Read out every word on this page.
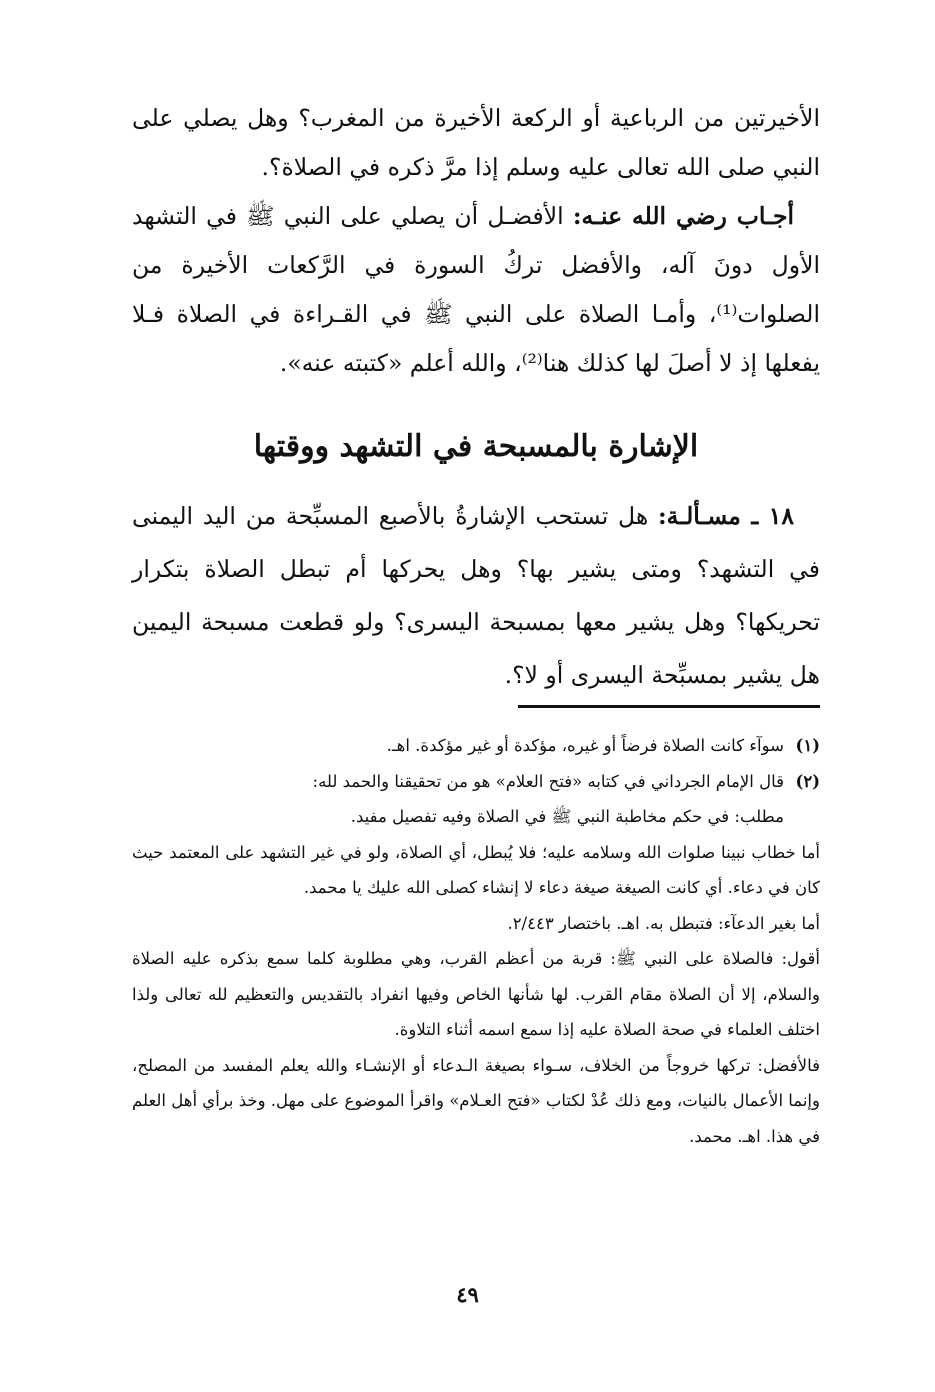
الأخيرتين من الرباعية أو الركعة الأخيرة من المغرب؟ وهل يصلي على النبي صلى الله تعالى عليه وسلم إذا مرَّ ذكره في الصلاة؟.

أجـاب رضي الله عنـه: الأفضـل أن يصلي على النبي ﷺ في التشهد الأول دونَ آله، والأفضل تركُ السورة في الرَّكعات الأخيرة من الصلوات⁽¹⁾، وأمـا الصلاة على النبي ﷺ في القـراءة في الصلاة فـلا يفعلها إذ لا أصلَ لها كذلك هنا⁽²⁾، والله أعلم «كتبته عنه».

الإشارة بالمسبحة في التشهد ووقتها

١٨ ـ مسـألـة: هل تستحب الإشارةُ بالأصبع المسبِّحة من اليد اليمنى في التشهد؟ ومتى يشير بها؟ وهل يحركها أم تبطل الصلاة بتكرار تحريكها؟ وهل يشير معها بمسبحة اليسرى؟ ولو قطعت مسبحة اليمين هل يشير بمسبِّحة اليسرى أو لا؟.

(١)
سوآء كانت الصلاة فرضاً أو غيره، مؤكدة أو غير مؤكدة. اهـ.
(٢)
قال الإمام الجرداني في كتابه «فتح العلام» هو من تحقيقنا والحمد لله:

مطلب: في حكم مخاطبة النبي ﷺ في الصلاة وفيه تفصيل مفيد.

أما خطاب نبينا صلوات الله وسلامه عليه؛ فلا يُبطل، أي الصلاة، ولو في غير التشهد على المعتمد حيث كان في دعاء. أي كانت الصيغة صيغة دعاء لا إنشاء كصلى الله عليك يا محمد.

أما بغير الدعآء: فتبطل به. اهـ. باختصار ٢/٤٤٣.

أقول: فالصلاة على النبي ﷺ: قربة من أعظم القرب، وهي مطلوبة كلما سمع بذكره عليه الصلاة والسلام، إلا أن الصلاة مقام القرب. لها شأنها الخاص وفيها انفراد بالتقديس والتعظيم لله تعالى ولذا اختلف العلماء في صحة الصلاة عليه إذا سمع اسمه أثناء التلاوة.

فالأفضل: تركها خروجاً من الخلاف، سـواء بصيغة الـدعاء أو الإنشـاء والله يعلم المفسد من المصلح، وإنما الأعمال بالنيات، ومع ذلك عُدْ لكتاب «فتح العـلام» واقرأ الموضوع على مهل. وخذ برأي أهل العلم في هذا. اهـ. محمد.

٤٩
